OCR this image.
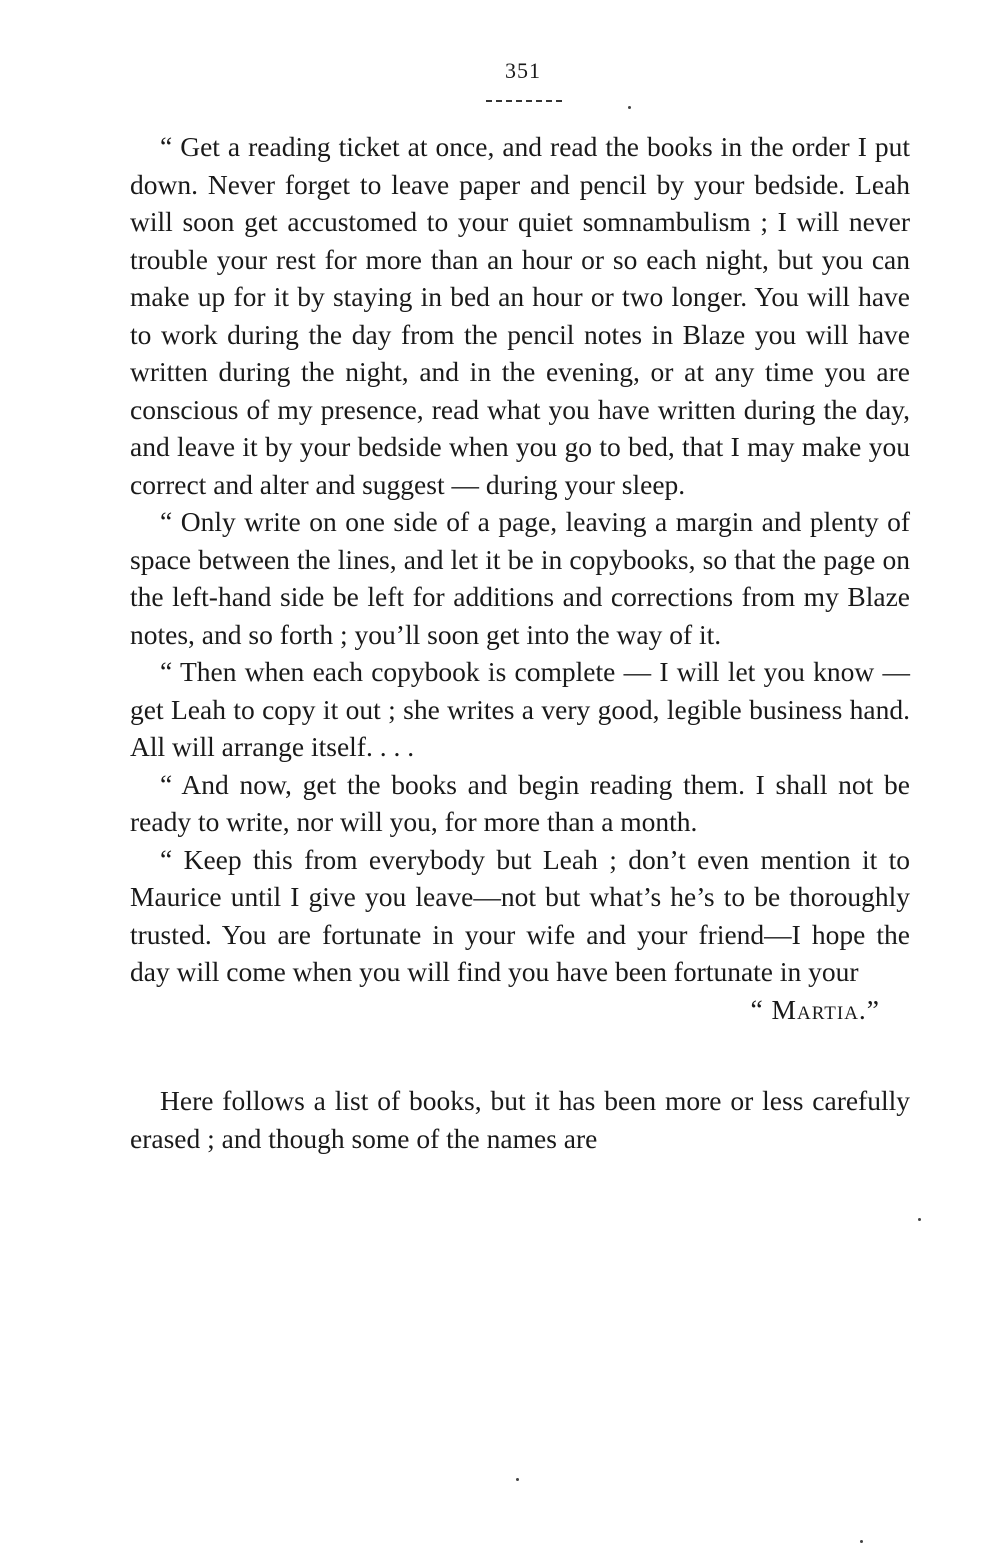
351

“ Get a reading ticket at once, and read the books in the order I put down. Never forget to leave paper and pencil by your bedside. Leah will soon get accustomed to your quiet somnambulism ; I will never trouble your rest for more than an hour or so each night, but you can make up for it by staying in bed an hour or two longer. You will have to work during the day from the pencil notes in Blaze you will have written during the night, and in the evening, or at any time you are conscious of my presence, read what you have written during the day, and leave it by your bedside when you go to bed, that I may make you correct and alter and suggest — during your sleep.

“ Only write on one side of a page, leaving a margin and plenty of space between the lines, and let it be in copybooks, so that the page on the left-hand side be left for additions and corrections from my Blaze notes, and so forth ; you’ll soon get into the way of it.

“ Then when each copybook is complete — I will let you know — get Leah to copy it out ; she writes a very good, legible business hand. All will arrange itself. . . .

“ And now, get the books and begin reading them. I shall not be ready to write, nor will you, for more than a month.

“ Keep this from everybody but Leah ; don’t even mention it to Maurice until I give you leave—not but what’s he’s to be thoroughly trusted. You are fortunate in your wife and your friend—I hope the day will come when you will find you have been fortunate in your

“ Martia.”

Here follows a list of books, but it has been more or less carefully erased ; and though some of the names are
